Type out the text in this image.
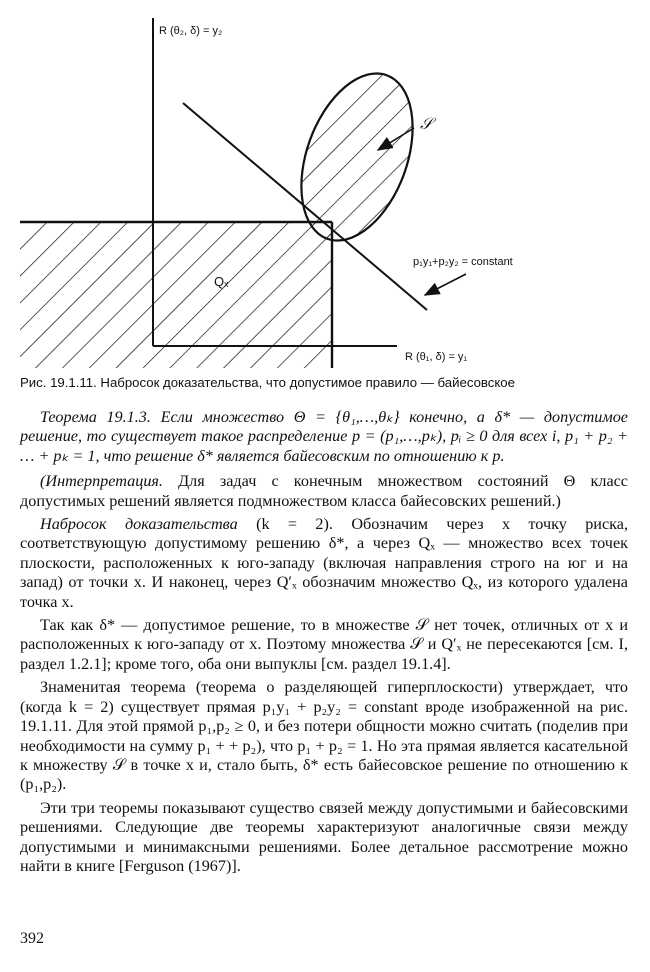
R (θ₂, δ) = y₂
R (θ₁, δ) = y₁
𝒮
Qₓ
p₁y₁+p₂y₂ = constant
Рис. 19.1.11. Набросок доказательства, что допустимое правило — байесовское

Теорема 19.1.3. Если множество Θ = {θ₁,…,θₖ} конечно, а δ* — допустимое решение, то существует такое распределение p = (p₁,…,pₖ), pᵢ ≥ 0 для всех i, p₁ + p₂ + … + pₖ = 1, что решение δ* является байесовским по отношению к p.

(Интерпретация. Для задач с конечным множеством состояний Θ класс допустимых решений является подмножеством класса байесовских решений.)

Набросок доказательства (k = 2). Обозначим через x точку риска, соответствующую допустимому решению δ*, а через Qₓ — множество всех точек плоскости, расположенных к юго-западу (включая направления строго на юг и на запад) от точки x. И наконец, через Q′ₓ обозначим множество Qₓ, из которого удалена точка x.

Так как δ* — допустимое решение, то в множестве 𝒮 нет точек, отличных от x и расположенных к юго-западу от x. Поэтому множества 𝒮 и Q′ₓ не пересекаются [см. I, раздел 1.2.1]; кроме того, оба они выпуклы [см. раздел 19.1.4].

Знаменитая теорема (теорема о разделяющей гиперплоскости) утверждает, что (когда k = 2) существует прямая p₁y₁ + p₂y₂ = constant вроде изображенной на рис. 19.1.11. Для этой прямой p₁,p₂ ≥ 0, и без потери общности можно считать (поделив при необходимости на сумму p₁ + + p₂), что p₁ + p₂ = 1. Но эта прямая является касательной к множеству 𝒮 в точке x и, стало быть, δ* есть байесовское решение по отношению к (p₁,p₂).

Эти три теоремы показывают существо связей между допустимыми и байесовскими решениями. Следующие две теоремы характеризуют аналогичные связи между допустимыми и минимаксными решениями. Более детальное рассмотрение можно найти в книге [Ferguson (1967)].

392
